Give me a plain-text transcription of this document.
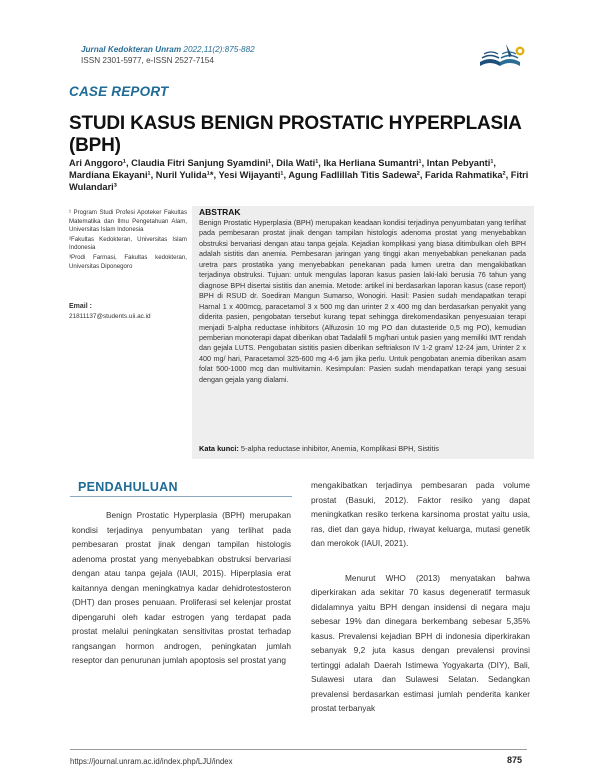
Jurnal Kedokteran Unram 2022,11(2):875-882
ISSN 2301-5977, e-ISSN 2527-7154
CASE REPORT
STUDI KASUS BENIGN PROSTATIC HYPERPLASIA (BPH)
Ari Anggoro¹, Claudia Fitri Sanjung Syamdini¹, Dila Wati¹, Ika Herliana Sumantri¹, Intan Pebyanti¹, Mardiana Ekayani¹, Nuril Yulida¹*, Yesi Wijayanti¹, Agung Fadlillah Titis Sadewa², Farida Rahmatika², Fitri Wulandari³

¹ Program Studi Profesi Apoteker Fakultas Matematika dan Ilmu Pengetahuan Alam, Universitas Islam Indonesia

²Fakultas Kedokteran, Universitas Islam Indonesia

³Prodi Farmasi, Fakultas kedokteran, Universitas Diponegoro

Email :
21811137@students.uii.ac.id
ABSTRAK
Benign Prostatic Hyperplasia (BPH) merupakan keadaan kondisi terjadinya penyumbatan yang terlihat pada pembesaran prostat jinak dengan tampilan histologis adenoma prostat yang menyebabkan obstruksi bervariasi dengan atau tanpa gejala. Kejadian komplikasi yang biasa ditimbulkan oleh BPH adalah sistitis dan anemia. Pembesaran jaringan yang tinggi akan menyebabkan penekanan pada uretra pars prostatika yang menyebabkan penekanan pada lumen uretra dan mengakibatkan terjadinya obstruksi. Tujuan: untuk mengulas laporan kasus pasien laki-laki berusia 76 tahun yang diagnose BPH disertai sistitis dan anemia. Metode: artikel ini berdasarkan laporan kasus (case report) BPH di RSUD dr. Soediran Mangun Sumarso, Wonogiri. Hasil: Pasien sudah mendapatkan terapi Harnal 1 x 400mcg, paracetamol 3 x 500 mg dan urinter 2 x 400 mg dan berdasarkan penyakit yang diderita pasien, pengobatan tersebut kurang tepat sehingga direkomendasikan penyesuaian terapi menjadi 5-alpha reductase inhibitors (Alfuzosin 10 mg PO dan dutasteride 0,5 mg PO), kemudian pemberian monoterapi dapat diberikan obat Tadalafil 5 mg/hari untuk pasien yang memiliki IMT rendah dan gejala LUTS. Pengobatan sistitis pasien diberikan seftriakson IV 1-2 gram/ 12-24 jam, Urinter 2 x 400 mg/ hari, Paracetamol 325-600 mg 4-6 jam jika perlu. Untuk pengobatan anemia diberikan asam folat 500-1000 mcg dan multivitamin. Kesimpulan: Pasien sudah mendapatkan terapi yang sesuai dengan gejala yang dialami.
Kata kunci: 5-alpha reductase inhibitor, Anemia, Komplikasi BPH, Sistitis
PENDAHULUAN

Benign Prostatic Hyperplasia (BPH) merupakan kondisi terjadinya penyumbatan yang terlihat pada pembesaran prostat jinak dengan tampilan histologis adenoma prostat yang menyebabkan obstruksi bervariasi dengan atau tanpa gejala (IAUI, 2015). Hiperplasia erat kaitannya dengan meningkatnya kadar dehidrotestosteron (DHT) dan proses penuaan. Proliferasi sel kelenjar prostat dipengaruhi oleh kadar estrogen yang terdapat pada prostat melalui peningkatan sensitivitas prostat terhadap rangsangan hormon androgen, peningkatan jumlah reseptor dan penurunan jumlah apoptosis sel prostat yang

mengakibatkan terjadinya pembesaran pada volume prostat (Basuki, 2012). Faktor resiko yang dapat meningkatkan resiko terkena karsinoma prostat yaitu usia, ras, diet dan gaya hidup, riwayat keluarga, mutasi genetik dan merokok (IAUI, 2021).

Menurut WHO (2013) menyatakan bahwa diperkirakan ada sekitar 70 kasus degeneratif termasuk didalamnya yaitu BPH dengan insidensi di negara maju sebesar 19% dan dinegara berkembang sebesar 5,35% kasus. Prevalensi kejadian BPH di indonesia diperkirakan sebanyak 9,2 juta kasus dengan prevalensi provinsi tertinggi adalah Daerah Istimewa Yogyakarta (DIY), Bali, Sulawesi utara dan Sulawesi Selatan. Sedangkan prevalensi berdasarkan estimasi jumlah penderita kanker prostat terbanyak

https://journal.unram.ac.id/index.php/LJU/index	875
